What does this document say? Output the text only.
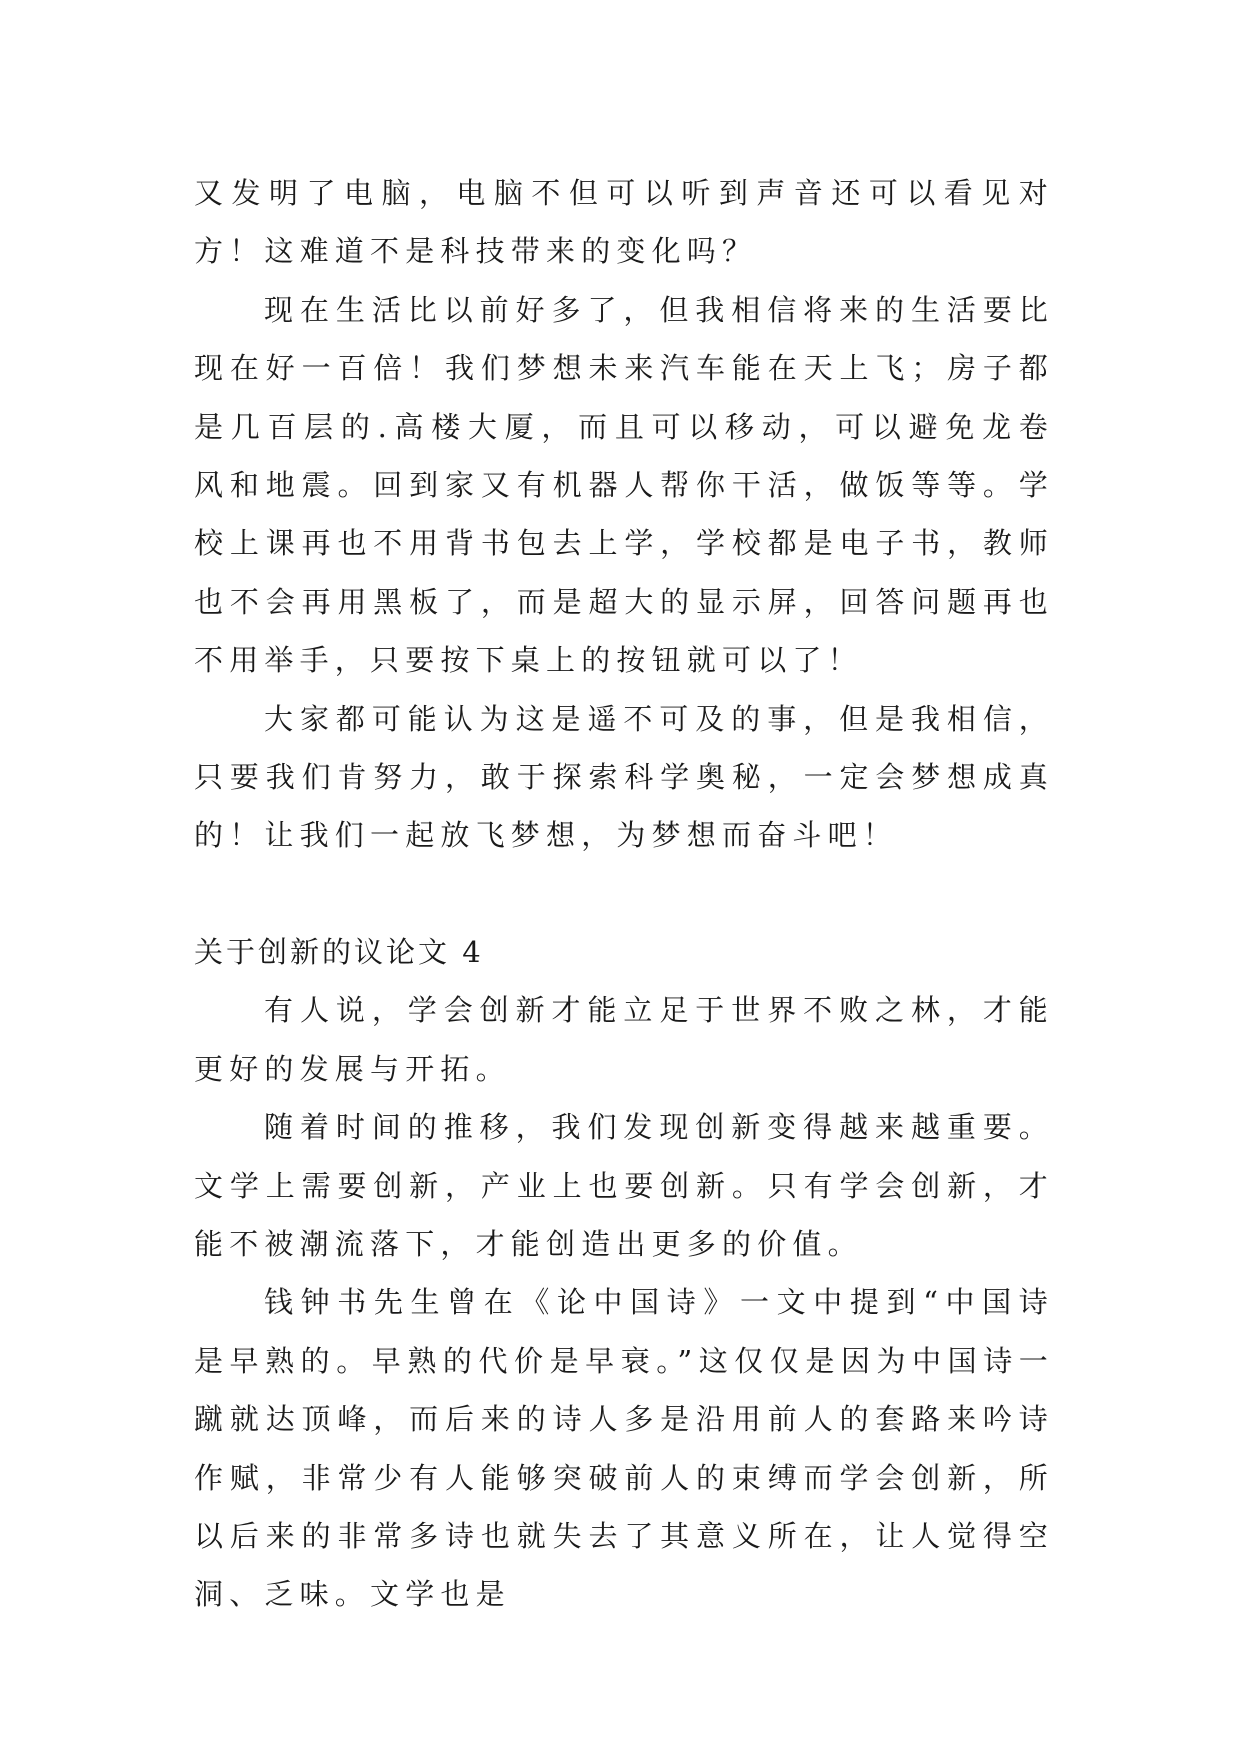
又发明了电脑，电脑不但可以听到声音还可以看见对方！这难道不是科技带来的变化吗？

现在生活比以前好多了，但我相信将来的生活要比现在好一百倍！我们梦想未来汽车能在天上飞；房子都是几百层的.高楼大厦，而且可以移动，可以避免龙卷风和地震。回到家又有机器人帮你干活，做饭等等。学校上课再也不用背书包去上学，学校都是电子书，教师也不会再用黑板了，而是超大的显示屏，回答问题再也不用举手，只要按下桌上的按钮就可以了！

大家都可能认为这是遥不可及的事，但是我相信，只要我们肯努力，敢于探索科学奥秘，一定会梦想成真的！让我们一起放飞梦想，为梦想而奋斗吧！

关于创新的议论文 4

有人说，学会创新才能立足于世界不败之林，才能更好的发展与开拓。

随着时间的推移，我们发现创新变得越来越重要。文学上需要创新，产业上也要创新。只有学会创新，才能不被潮流落下，才能创造出更多的价值。

钱钟书先生曾在《论中国诗》一文中提到“中国诗是早熟的。早熟的代价是早衰。”这仅仅是因为中国诗一蹴就达顶峰，而后来的诗人多是沿用前人的套路来吟诗作赋，非常少有人能够突破前人的束缚而学会创新，所以后来的非常多诗也就失去了其意义所在，让人觉得空洞、乏味。文学也是
